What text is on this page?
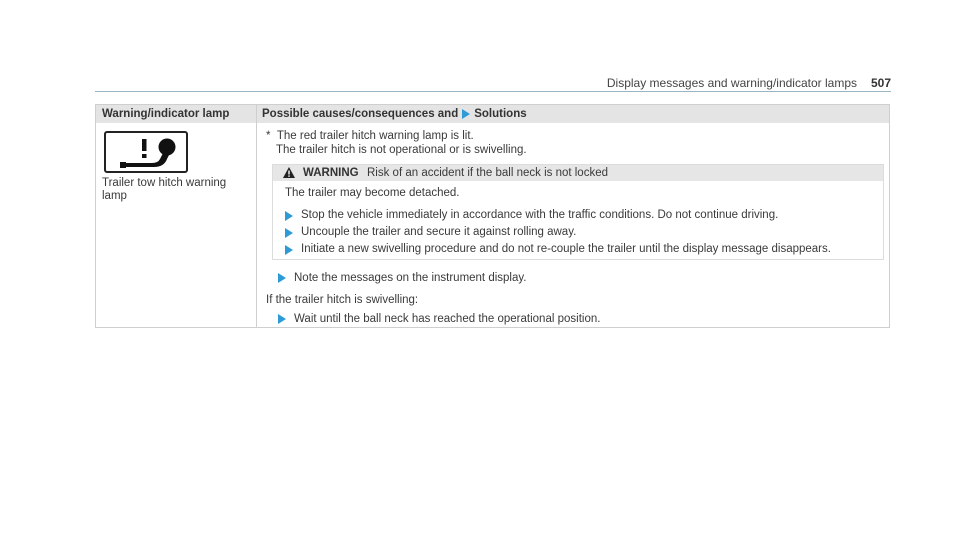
Display messages and warning/indicator lamps 507
Warning/indicator lamp	Possible causes/consequences and Solutions
Trailer tow hitch warning
lamp
* The red trailer hitch warning lamp is lit.
The trailer hitch is not operational or is swivelling.
WARNING Risk of an accident if the ball neck is not locked
The trailer may become detached.
Stop the vehicle immediately in accordance with the traffic conditions. Do not continue driving.
Uncouple the trailer and secure it against rolling away.
Initiate a new swivelling procedure and do not re-couple the trailer until the display message disappears.
Note the messages on the instrument display.
If the trailer hitch is swivelling:
Wait until the ball neck has reached the operational position.
